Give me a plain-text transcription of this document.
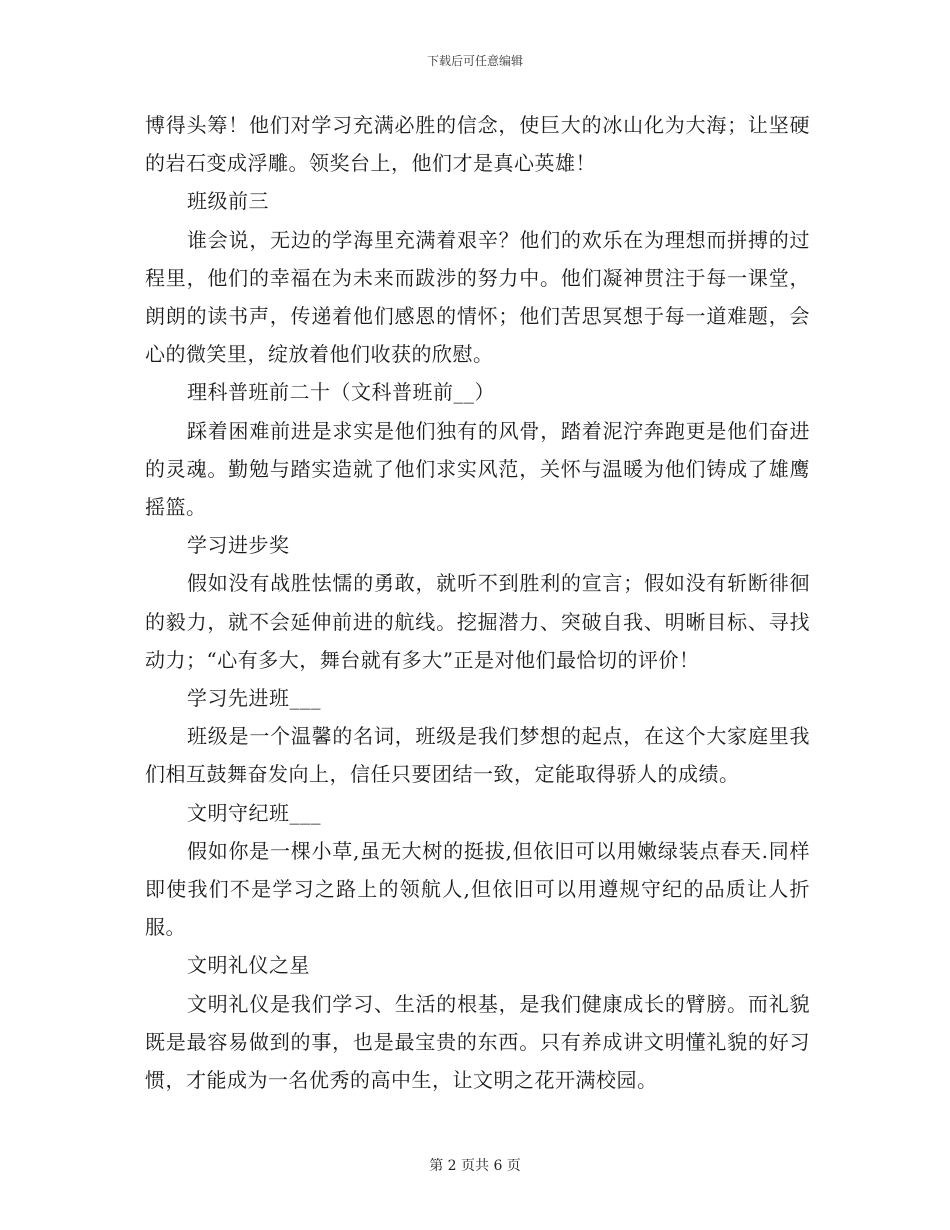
下载后可任意编辑

博得头筹！他们对学习充满必胜的信念，使巨大的冰山化为大海；让坚硬的岩石变成浮雕。领奖台上，他们才是真心英雄！

班级前三

谁会说，无边的学海里充满着艰辛？他们的欢乐在为理想而拼搏的过程里，他们的幸福在为未来而跋涉的努力中。他们凝神贯注于每一课堂，朗朗的读书声，传递着他们感恩的情怀；他们苦思冥想于每一道难题，会心的微笑里，绽放着他们收获的欣慰。

理科普班前二十（文科普班前__）

踩着困难前进是求实是他们独有的风骨，踏着泥泞奔跑更是他们奋进的灵魂。勤勉与踏实造就了他们求实风范，关怀与温暖为他们铸成了雄鹰摇篮。

学习进步奖

假如没有战胜怯懦的勇敢，就听不到胜利的宣言；假如没有斩断徘徊的毅力，就不会延伸前进的航线。挖掘潜力、突破自我、明晰目标、寻找动力；“心有多大，舞台就有多大”正是对他们最恰切的评价！

学习先进班___

班级是一个温馨的名词，班级是我们梦想的起点，在这个大家庭里我们相互鼓舞奋发向上，信任只要团结一致，定能取得骄人的成绩。

文明守纪班___

假如你是一棵小草,虽无大树的挺拔,但依旧可以用嫩绿装点春天.同样即使我们不是学习之路上的领航人,但依旧可以用遵规守纪的品质让人折服。

文明礼仪之星

文明礼仪是我们学习、生活的根基，是我们健康成长的臂膀。而礼貌既是最容易做到的事，也是最宝贵的东西。只有养成讲文明懂礼貌的好习惯，才能成为一名优秀的高中生，让文明之花开满校园。

第 2 页共 6 页
